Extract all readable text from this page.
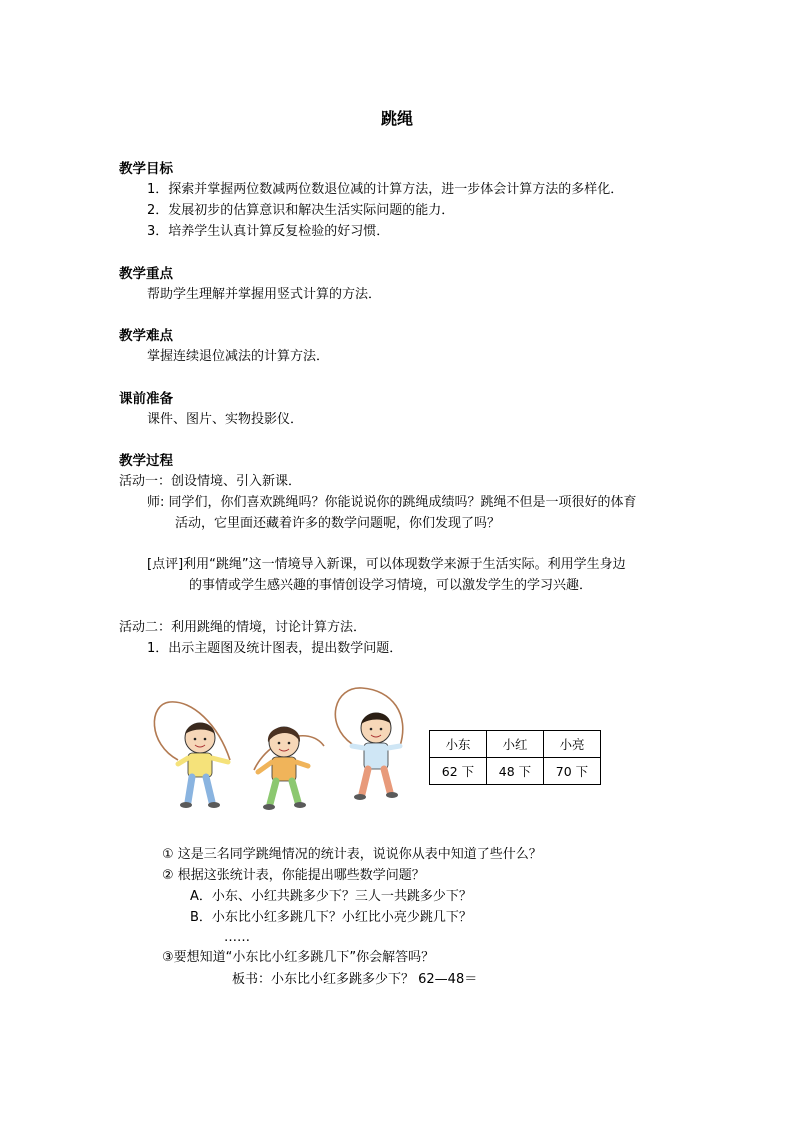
跳绳
教学目标
1．探索并掌握两位数减两位数退位减的计算方法，进一步体会计算方法的多样化．
2．发展初步的估算意识和解决生活实际问题的能力．
3．培养学生认真计算反复检验的好习惯．
教学重点
帮助学生理解并掌握用竖式计算的方法．
教学难点
掌握连续退位减法的计算方法．
课前准备
课件、图片、实物投影仪．
教学过程
活动一：创设情境、引入新课．
师: 同学们，你们喜欢跳绳吗？你能说说你的跳绳成绩吗？跳绳不但是一项很好的体育
活动，它里面还藏着许多的数学问题呢，你们发现了吗？
[点评]利用“跳绳”这一情境导入新课，可以体现数学来源于生活实际。利用学生身边
的事情或学生感兴趣的事情创设学习情境，可以激发学生的学习兴趣．
活动二：利用跳绳的情境，讨论计算方法．
1．出示主题图及统计图表，提出数学问题．
小东	小红	小亮
62 下	48 下	70 下
① 这是三名同学跳绳情况的统计表，说说你从表中知道了些什么？
② 根据这张统计表，你能提出哪些数学问题？
A．小东、小红共跳多少下？三人一共跳多少下？
B．小东比小红多跳几下？小红比小亮少跳几下？
……
③要想知道“小东比小红多跳几下”你会解答吗？
板书：小东比小红多跳多少下？ 62—48＝
